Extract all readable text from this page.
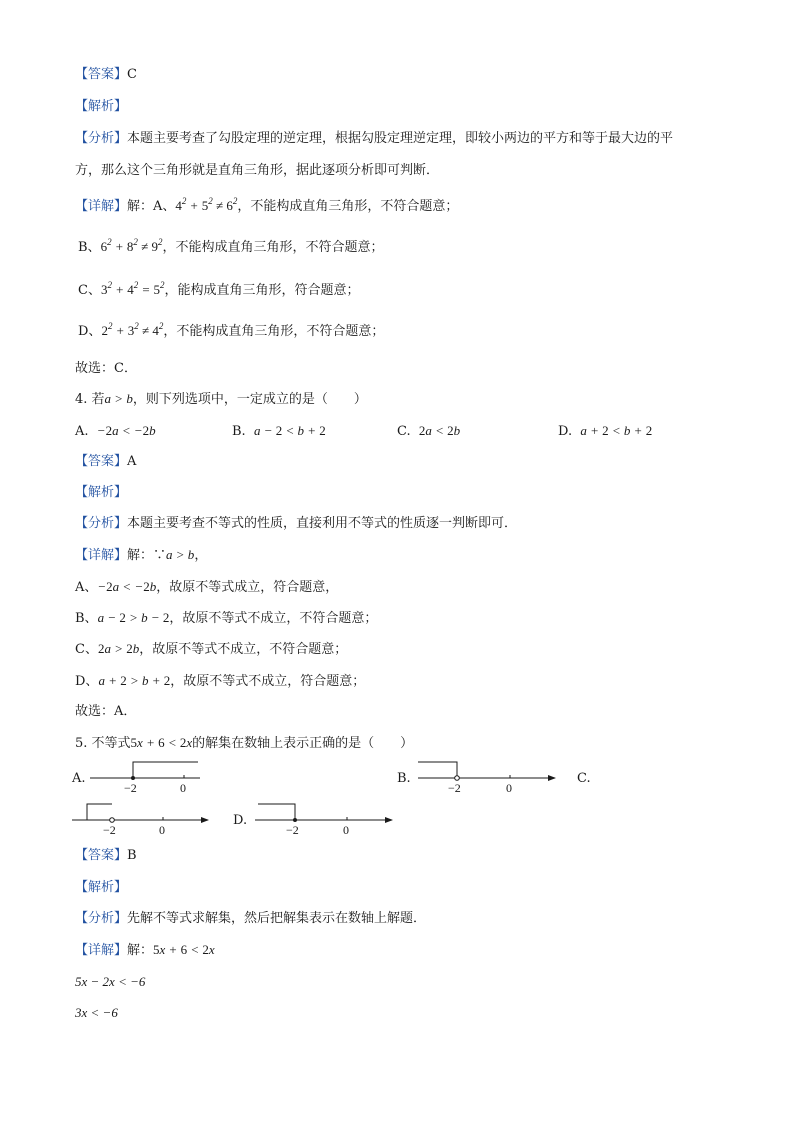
【答案】C
【解析】
【分析】本题主要考查了勾股定理的逆定理，根据勾股定理逆定理，即较小两边的平方和等于最大边的平
方，那么这个三角形就是直角三角形，据此逐项分析即可判断．
【详解】解：A、$4^2 + 5^2 \ne 6^2$，不能构成直角三角形，不符合题意；
B、$6^2 + 8^2 \ne 9^2$，不能构成直角三角形，不符合题意；
C、$3^2 + 4^2 = 5^2$，能构成直角三角形，符合题意；
D、$2^2 + 3^2 \ne 4^2$，不能构成直角三角形，不符合题意；
故选：C．
4. 若a > b，则下列选项中，一定成立的是（　　）
A. −2a < −2b	B. a − 2 < b + 2	C. 2a < 2b	D. a + 2 < b + 2
【答案】A
【解析】
【分析】本题主要考查不等式的性质，直接利用不等式的性质逐一判断即可．
【详解】解：∵a > b，
A、−2a < −2b，故原不等式成立，符合题意，
B、a − 2 > b − 2，故原不等式不成立，不符合题意；
C、2a > 2b，故原不等式不成立，不符合题意；
D、a + 2 > b + 2，故原不等式不成立，符合题意；
故选：A．
5. 不等式5x + 6 < 2x的解集在数轴上表示正确的是（　　）
A.	B.	C.
D.
−2	0	−2	0
−2	0	−2	0
【答案】B
【解析】
【分析】先解不等式求解集，然后把解集表示在数轴上解题．
【详解】解：5x + 6 < 2x
5x − 2x < −6
3x < −6
